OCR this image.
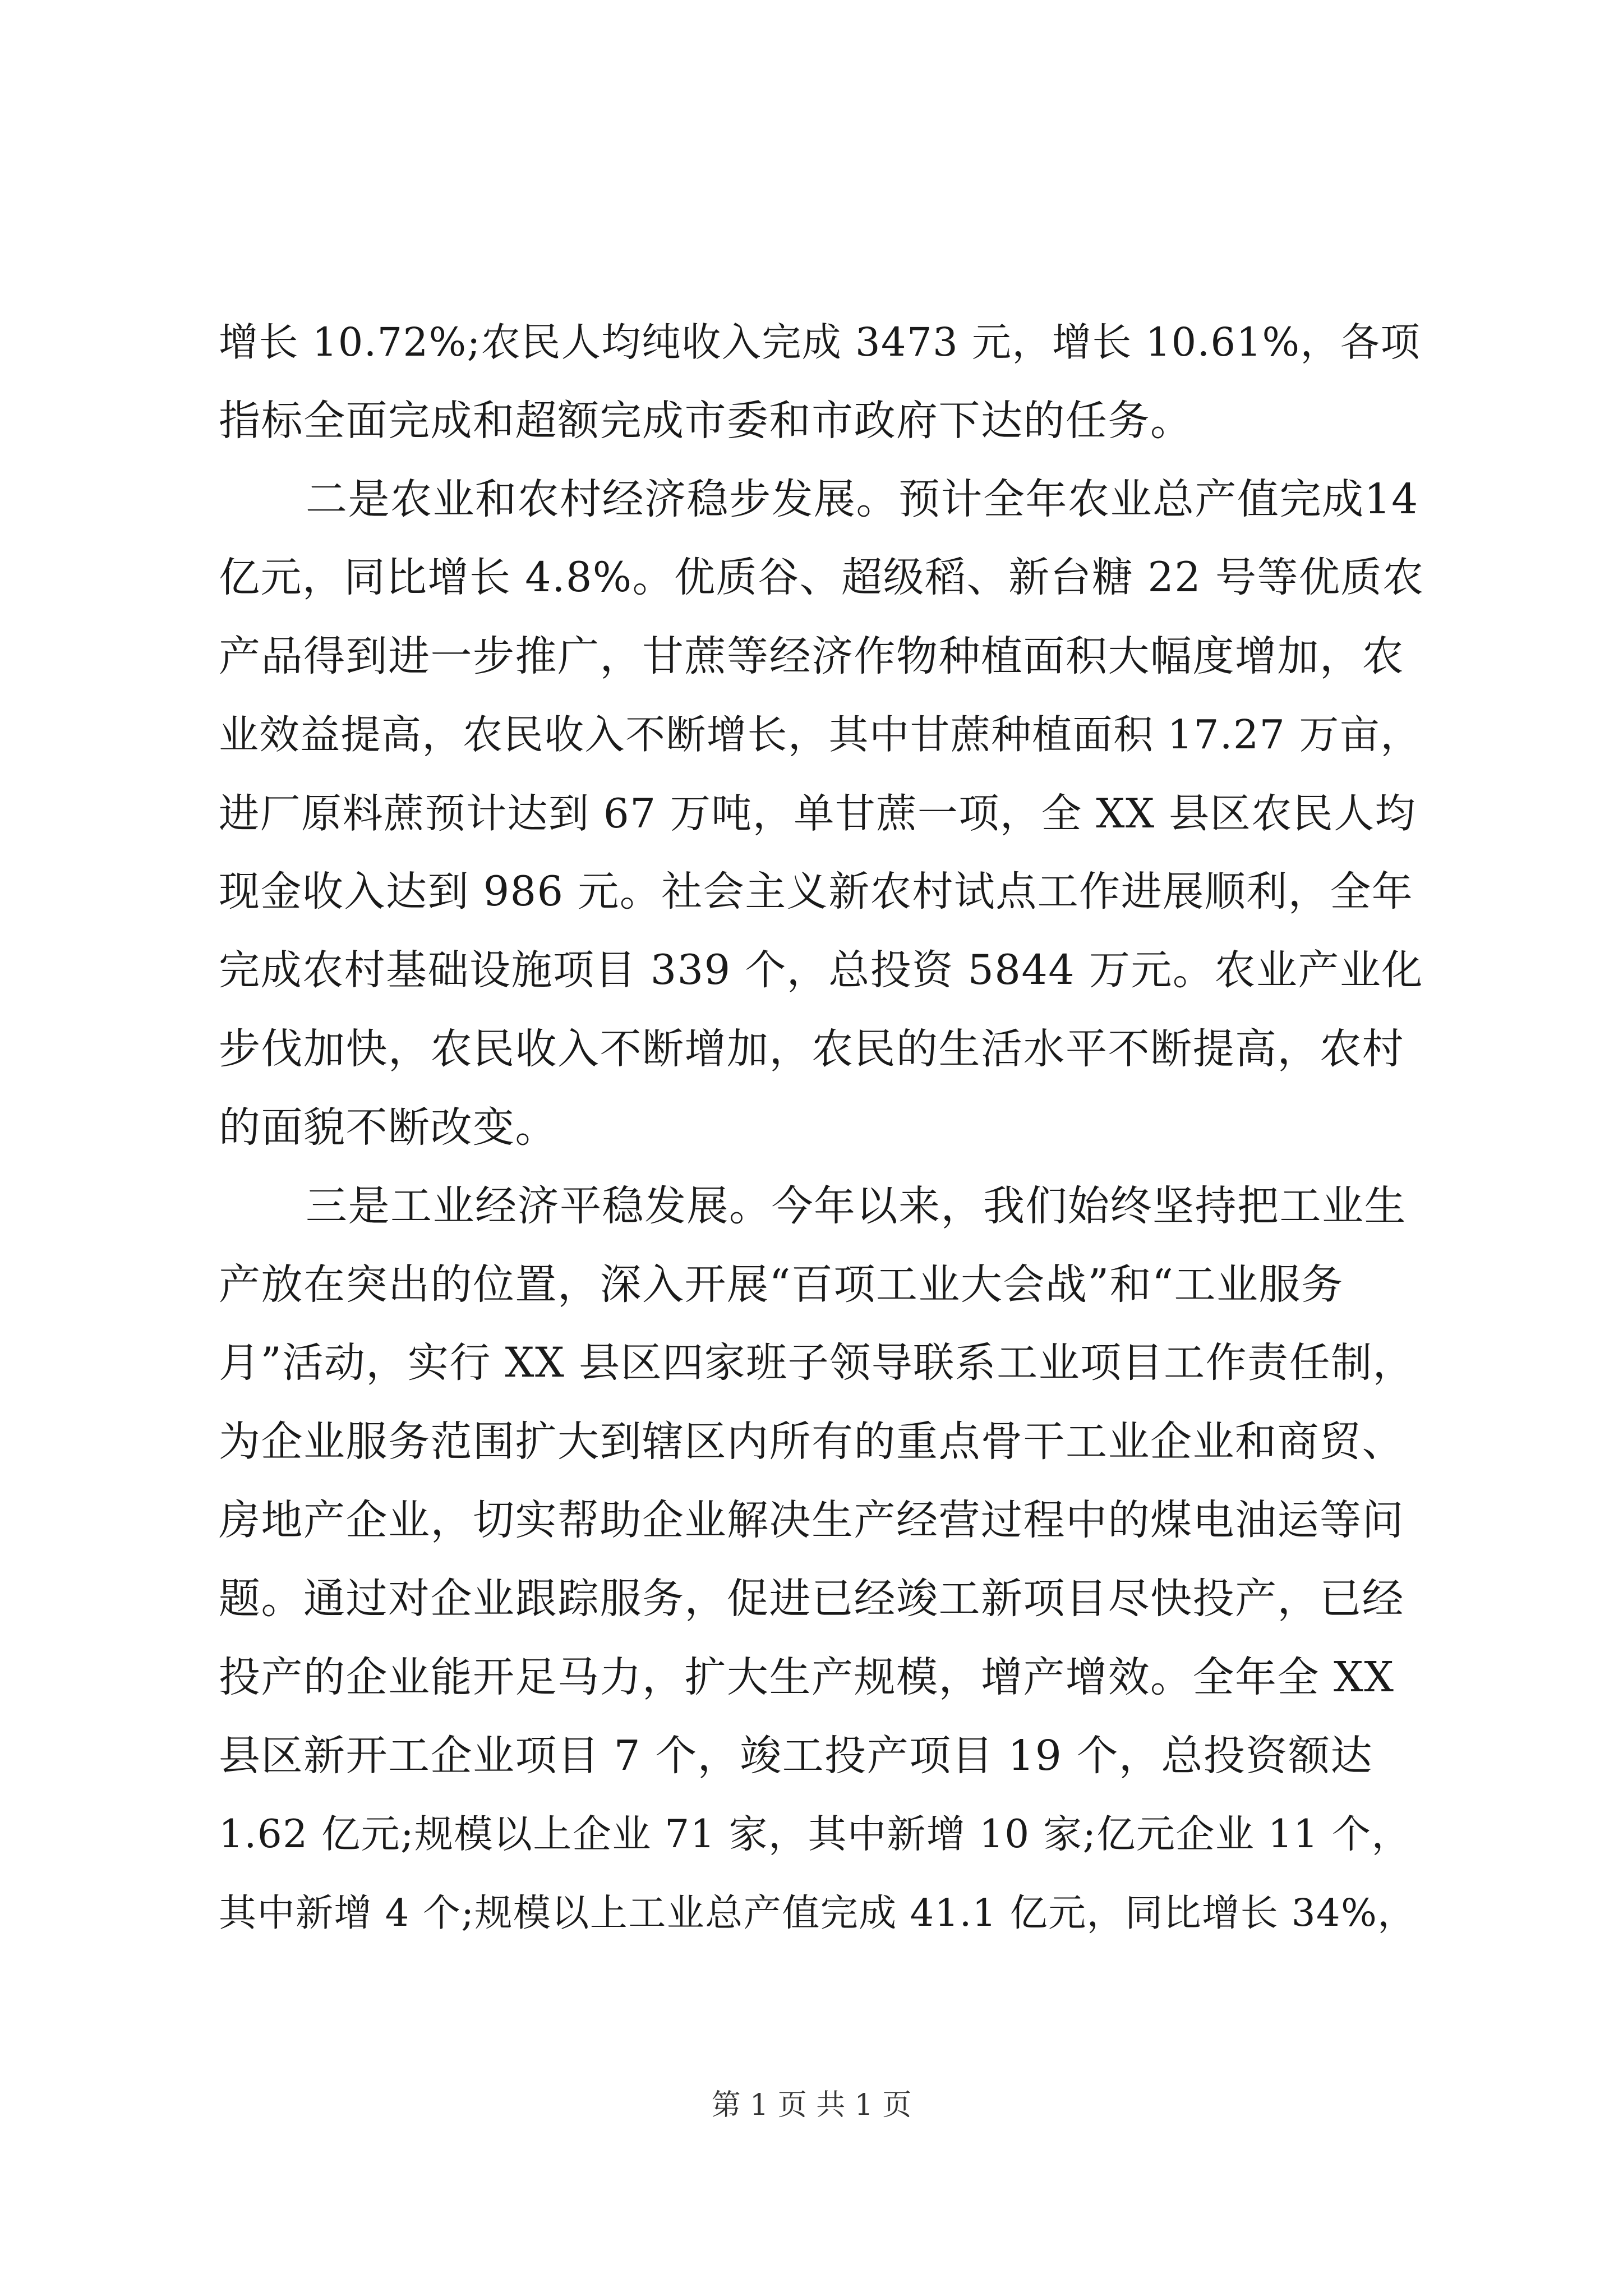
增长 10.72%;农民人均纯收入完成 3473 元，增长 10.61%，各项
指标全面完成和超额完成市委和市政府下达的任务。
二是农业和农村经济稳步发展。预计全年农业总产值完成14
亿元，同比增长 4.8%。优质谷、超级稻、新台糖 22 号等优质农
产品得到进一步推广，甘蔗等经济作物种植面积大幅度增加，农
业效益提高，农民收入不断增长，其中甘蔗种植面积 17.27 万亩，
进厂原料蔗预计达到 67 万吨，单甘蔗一项，全 XX 县区农民人均
现金收入达到 986 元。社会主义新农村试点工作进展顺利，全年
完成农村基础设施项目 339 个，总投资 5844 万元。农业产业化
步伐加快，农民收入不断增加，农民的生活水平不断提高，农村
的面貌不断改变。
三是工业经济平稳发展。今年以来，我们始终坚持把工业生
产放在突出的位置，深入开展“百项工业大会战”和“工业服务
月”活动，实行 XX 县区四家班子领导联系工业项目工作责任制，
为企业服务范围扩大到辖区内所有的重点骨干工业企业和商贸、
房地产企业，切实帮助企业解决生产经营过程中的煤电油运等问
题。通过对企业跟踪服务，促进已经竣工新项目尽快投产，已经
投产的企业能开足马力，扩大生产规模，增产增效。全年全 XX
县区新开工企业项目 7 个，竣工投产项目 19 个，总投资额达
1.62 亿元;规模以上企业 71 家，其中新增 10 家;亿元企业 11 个，
其中新增 4 个;规模以上工业总产值完成 41.1 亿元，同比增长 34%，
第 1 页 共 1 页
